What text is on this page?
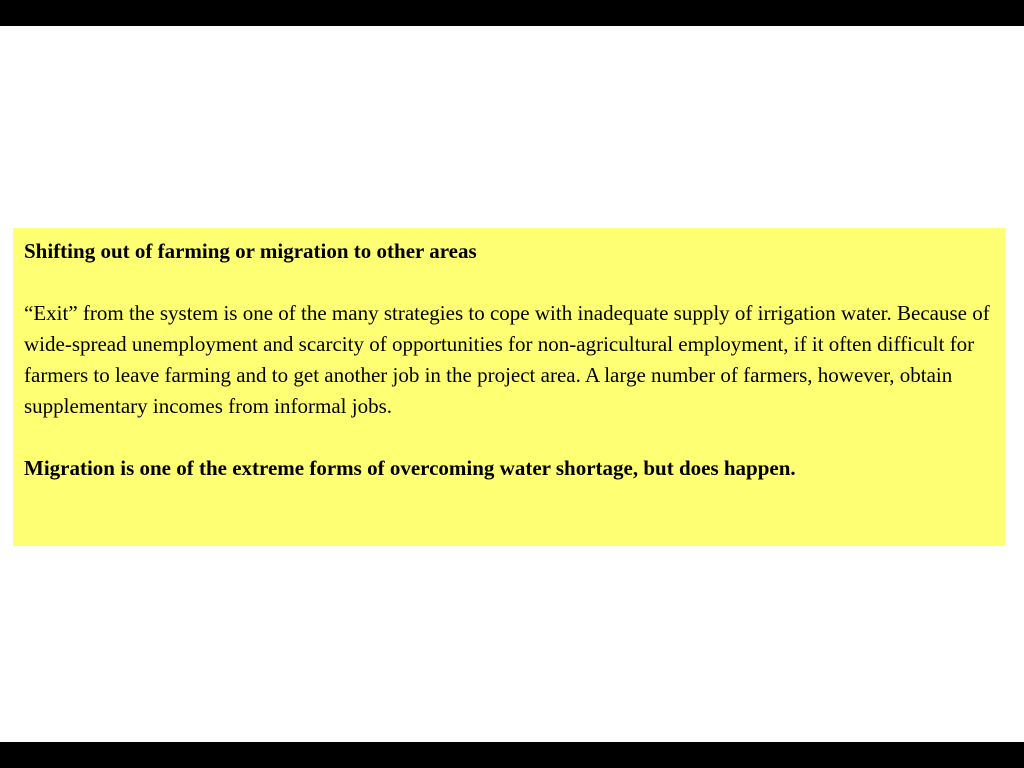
Shifting out of farming or migration to other areas

“Exit” from the system is one of the many strategies to cope with inadequate supply of irrigation water. Because of wide-spread unemployment and scarcity of opportunities for non-agricultural employment, if it often difficult for farmers to leave farming and to get another job in the project area. A large number of farmers, however, obtain supplementary incomes from informal jobs.

Migration is one of the extreme forms of overcoming water shortage, but does happen.
